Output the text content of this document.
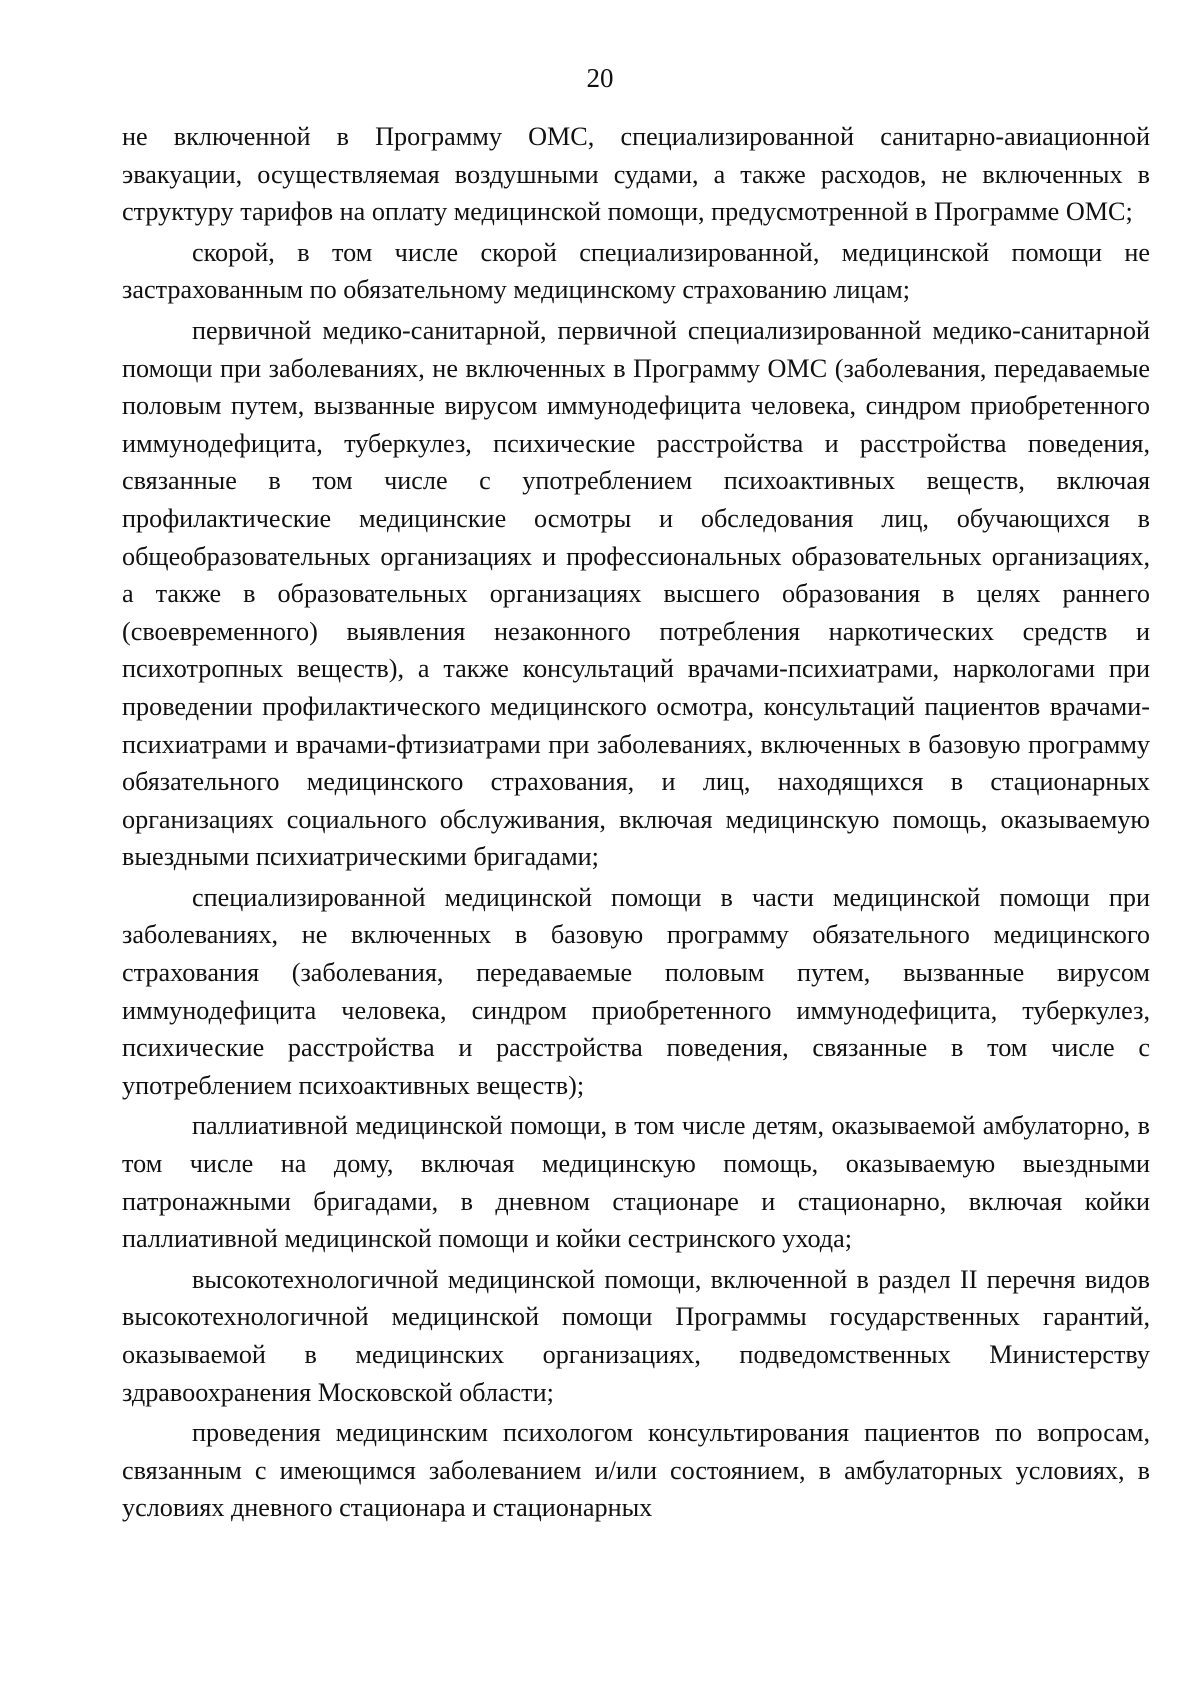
20

не включенной в Программу ОМС, специализированной санитарно-авиационной эвакуации, осуществляемая воздушными судами, а также расходов, не включенных в структуру тарифов на оплату медицинской помощи, предусмотренной в Программе ОМС;

скорой, в том числе скорой специализированной, медицинской помощи не застрахованным по обязательному медицинскому страхованию лицам;

первичной медико-санитарной, первичной специализированной медико-санитарной помощи при заболеваниях, не включенных в Программу ОМС (заболевания, передаваемые половым путем, вызванные вирусом иммунодефицита человека, синдром приобретенного иммунодефицита, туберкулез, психические расстройства и расстройства поведения, связанные в том числе с употреблением психоактивных веществ, включая профилактические медицинские осмотры и обследования лиц, обучающихся в общеобразовательных организациях и профессиональных образовательных организациях, а также в образовательных организациях высшего образования в целях раннего (своевременного) выявления незаконного потребления наркотических средств и психотропных веществ), а также консультаций врачами-психиатрами, наркологами при проведении профилактического медицинского осмотра, консультаций пациентов врачами-психиатрами и врачами-фтизиатрами при заболеваниях, включенных в базовую программу обязательного медицинского страхования, и лиц, находящихся в стационарных организациях социального обслуживания, включая медицинскую помощь, оказываемую выездными психиатрическими бригадами;

специализированной медицинской помощи в части медицинской помощи при заболеваниях, не включенных в базовую программу обязательного медицинского страхования (заболевания, передаваемые половым путем, вызванные вирусом иммунодефицита человека, синдром приобретенного иммунодефицита, туберкулез, психические расстройства и расстройства поведения, связанные в том числе с употреблением психоактивных веществ);

паллиативной медицинской помощи, в том числе детям, оказываемой амбулаторно, в том числе на дому, включая медицинскую помощь, оказываемую выездными патронажными бригадами, в дневном стационаре и стационарно, включая койки паллиативной медицинской помощи и койки сестринского ухода;

высокотехнологичной медицинской помощи, включенной в раздел II перечня видов высокотехнологичной медицинской помощи Программы государственных гарантий, оказываемой в медицинских организациях, подведомственных Министерству здравоохранения Московской области;

проведения медицинским психологом консультирования пациентов по вопросам, связанным с имеющимся заболеванием и/или состоянием, в амбулаторных условиях, в условиях дневного стационара и стационарных
